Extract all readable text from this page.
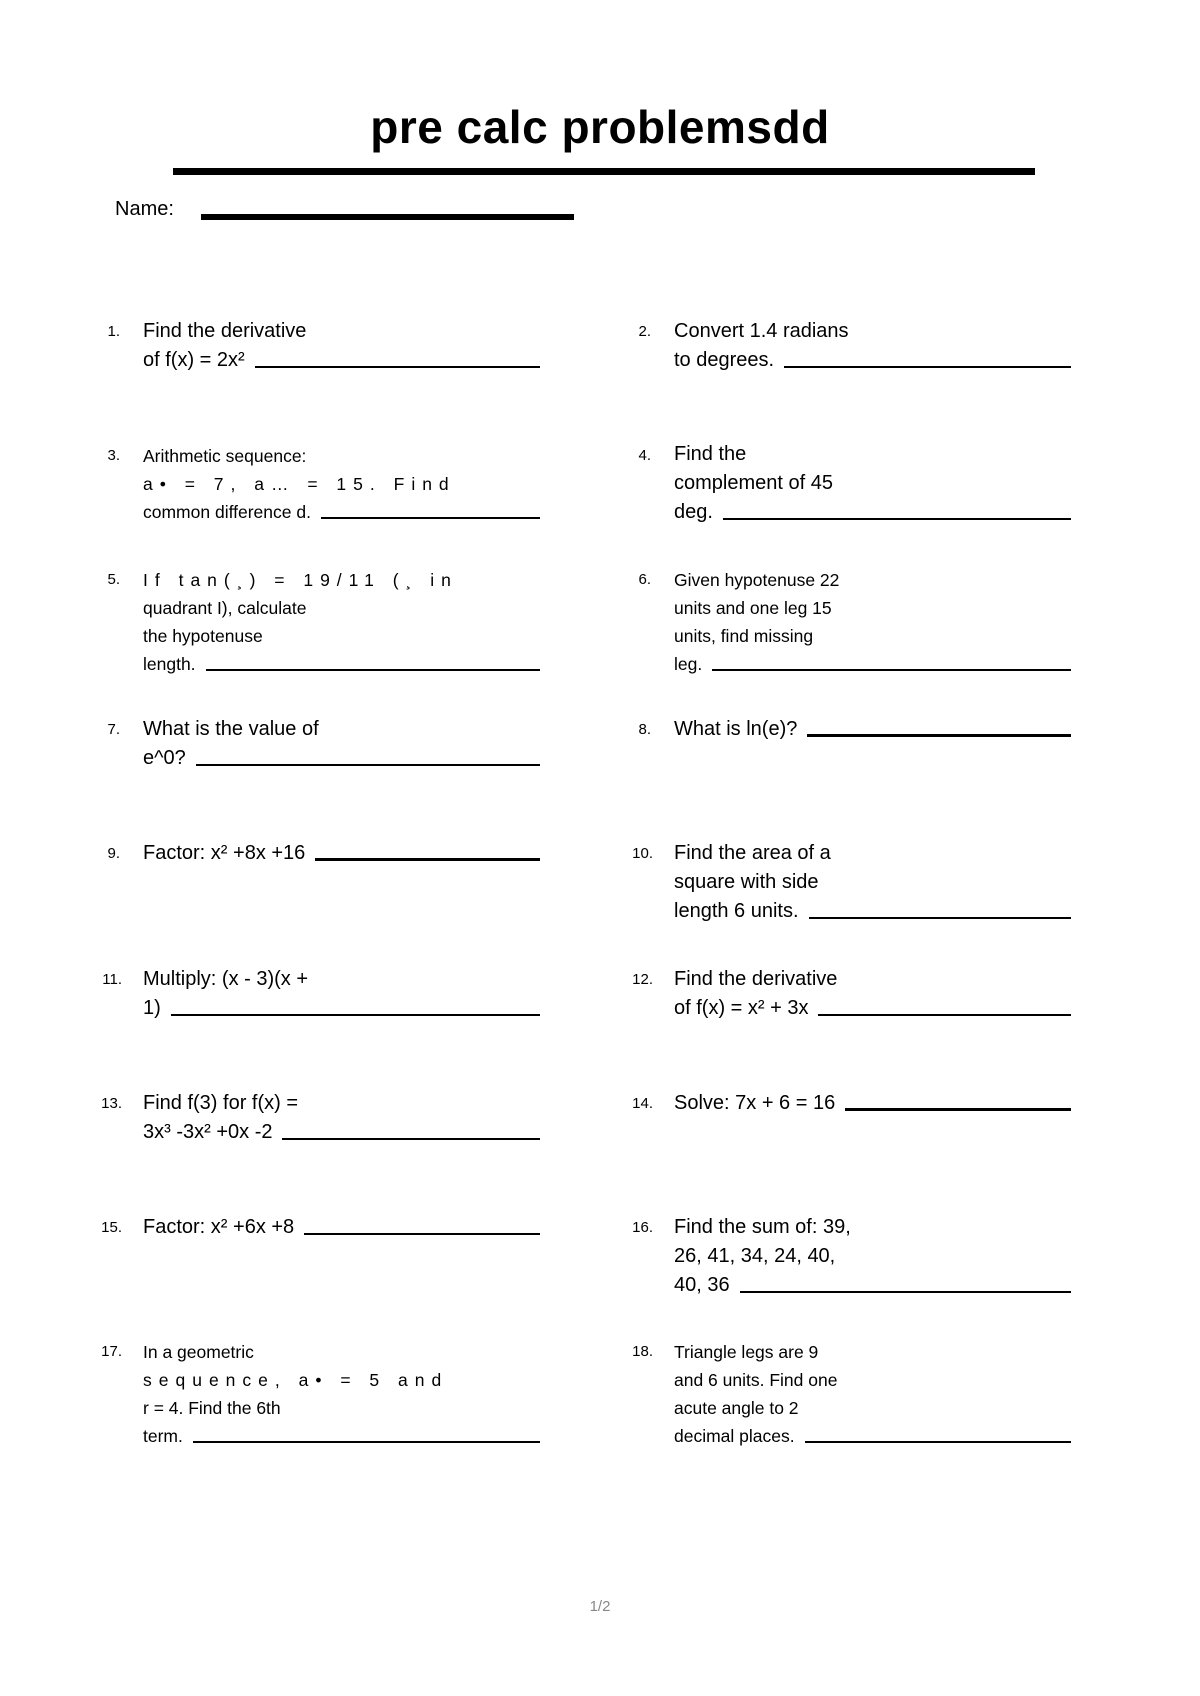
pre calc problemsdd
Name:
1. Find the derivative
of f(x) = 2x²
2. Convert 1.4 radians
to degrees.
3. Arithmetic sequence:
a• = 7, a… = 15. Find
common difference d.
4. Find the
complement of 45
deg.
5. If tan(¸) = 19/11 (¸ in
quadrant I), calculate
the hypotenuse
length.
6. Given hypotenuse 22
units and one leg 15
units, find missing
leg.
7. What is the value of
e^0?
8. What is ln(e)?
9. Factor: x² +8x +16	10. Find the area of a
square with side
length 6 units.
11. Multiply: (x - 3)(x +
1)
12. Find the derivative
of f(x) = x² + 3x
13. Find f(3) for f(x) =
3x³ -3x² +0x -2
14. Solve: 7x + 6 = 16
15. Factor: x² +6x +8	16. Find the sum of: 39,
26, 41, 34, 24, 40,
40, 36
17. In a geometric
sequence, a• = 5 and
r = 4. Find the 6th
term.
18. Triangle legs are 9
and 6 units. Find one
acute angle to 2
decimal places.
1/2
